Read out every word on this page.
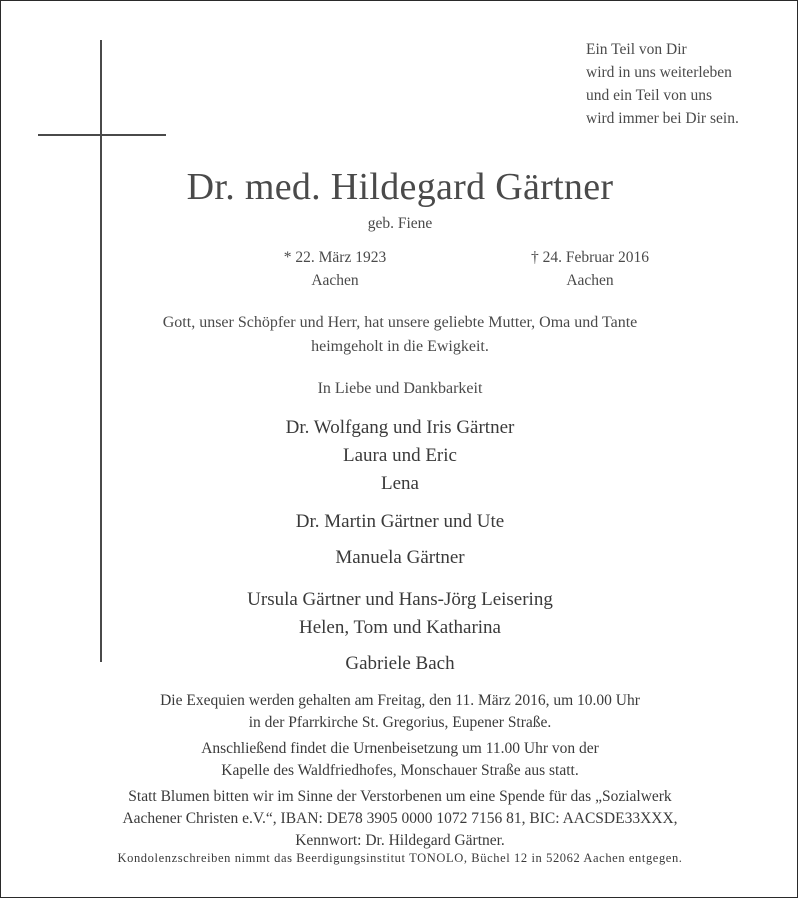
Ein Teil von Dir
wird in uns weiterleben
und ein Teil von uns
wird immer bei Dir sein.
Dr. med. Hildegard Gärtner
geb. Fiene
* 22. März 1923
Aachen
† 24. Februar 2016
Aachen
Gott, unser Schöpfer und Herr, hat unsere geliebte Mutter, Oma und Tante
heimgeholt in die Ewigkeit.
In Liebe und Dankbarkeit
Dr. Wolfgang und Iris Gärtner
Laura und Eric
Lena
Dr. Martin Gärtner und Ute
Manuela Gärtner
Ursula Gärtner und Hans-Jörg Leisering
Helen, Tom und Katharina
Gabriele Bach
Die Exequien werden gehalten am Freitag, den 11. März 2016, um 10.00 Uhr
in der Pfarrkirche St. Gregorius, Eupener Straße.
Anschließend findet die Urnenbeisetzung um 11.00 Uhr von der
Kapelle des Waldfriedhofes, Monschauer Straße aus statt.
Statt Blumen bitten wir im Sinne der Verstorbenen um eine Spende für das „Sozialwerk
Aachener Christen e.V.“, IBAN: DE78 3905 0000 1072 7156 81, BIC: AACSDE33XXX,
Kennwort: Dr. Hildegard Gärtner.
Kondolenzschreiben nimmt das Beerdigungsinstitut TONOLO, Büchel 12 in 52062 Aachen entgegen.
